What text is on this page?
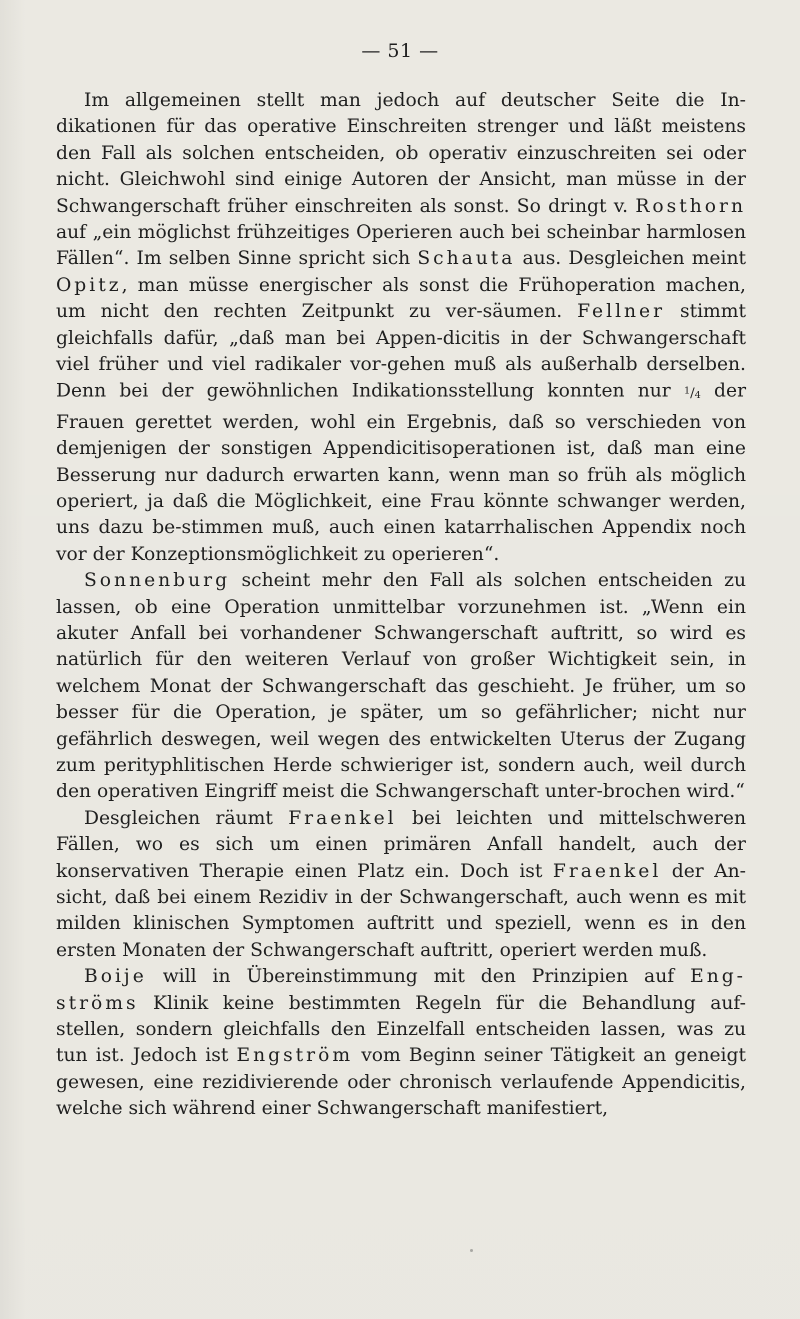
— 51 —

Im allgemeinen stellt man jedoch auf deutscher Seite die In-dikationen für das operative Einschreiten strenger und läßt meistens den Fall als solchen entscheiden, ob operativ einzuschreiten sei oder nicht. Gleichwohl sind einige Autoren der Ansicht, man müsse in der Schwangerschaft früher einschreiten als sonst. So dringt v. Rosthorn auf „ein möglichst frühzeitiges Operieren auch bei scheinbar harmlosen Fällen“. Im selben Sinne spricht sich Schauta aus. Desgleichen meint Opitz, man müsse energischer als sonst die Frühoperation machen, um nicht den rechten Zeitpunkt zu ver-säumen. Fellner stimmt gleichfalls dafür, „daß man bei Appen-dicitis in der Schwangerschaft viel früher und viel radikaler vor-gehen muß als außerhalb derselben. Denn bei der gewöhnlichen Indikationsstellung konnten nur $^1$/4 der Frauen gerettet werden, wohl ein Ergebnis, daß so verschieden von demjenigen der sonstigen Appendicitisoperationen ist, daß man eine Besserung nur dadurch erwarten kann, wenn man so früh als möglich operiert, ja daß die Möglichkeit, eine Frau könnte schwanger werden, uns dazu be-stimmen muß, auch einen katarrhalischen Appendix noch vor der Konzeptionsmöglichkeit zu operieren“.

Sonnenburg scheint mehr den Fall als solchen entscheiden zu lassen, ob eine Operation unmittelbar vorzunehmen ist. „Wenn ein akuter Anfall bei vorhandener Schwangerschaft auftritt, so wird es natürlich für den weiteren Verlauf von großer Wichtigkeit sein, in welchem Monat der Schwangerschaft das geschieht. Je früher, um so besser für die Operation, je später, um so gefährlicher; nicht nur gefährlich deswegen, weil wegen des entwickelten Uterus der Zugang zum perityphlitischen Herde schwieriger ist, sondern auch, weil durch den operativen Eingriff meist die Schwangerschaft unter-brochen wird.“

Desgleichen räumt Fraenkel bei leichten und mittelschweren Fällen, wo es sich um einen primären Anfall handelt, auch der konservativen Therapie einen Platz ein. Doch ist Fraenkel der An-sicht, daß bei einem Rezidiv in der Schwangerschaft, auch wenn es mit milden klinischen Symptomen auftritt und speziell, wenn es in den ersten Monaten der Schwangerschaft auftritt, operiert werden muß.

Boije will in Übereinstimmung mit den Prinzipien auf Eng-ströms Klinik keine bestimmten Regeln für die Behandlung auf-stellen, sondern gleichfalls den Einzelfall entscheiden lassen, was zu tun ist. Jedoch ist Engström vom Beginn seiner Tätigkeit an geneigt gewesen, eine rezidivierende oder chronisch verlaufende Appendicitis, welche sich während einer Schwangerschaft manifestiert,
